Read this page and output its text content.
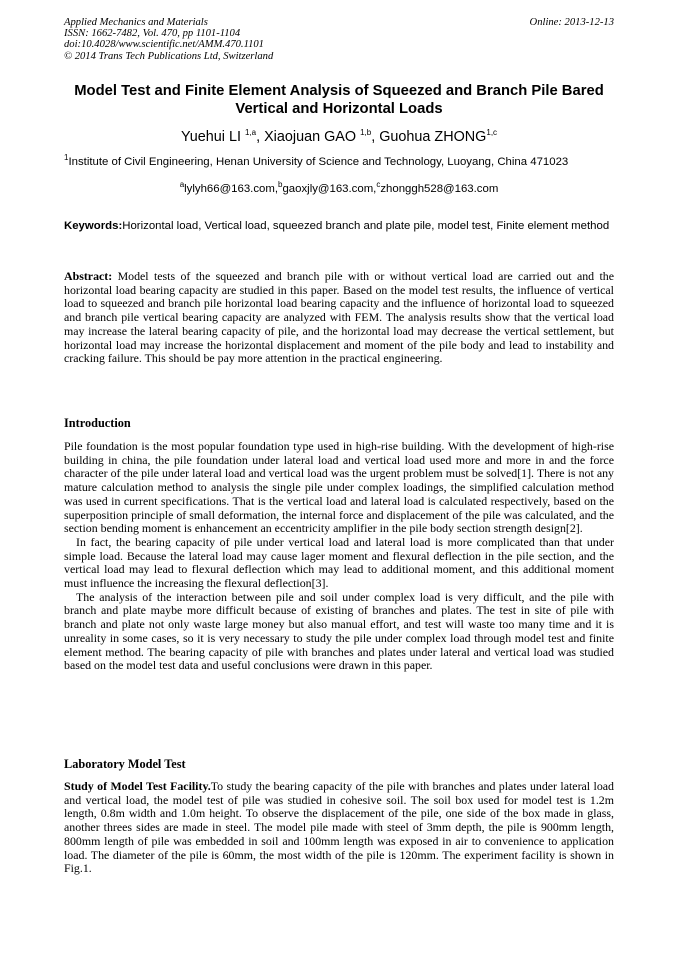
Applied Mechanics and Materials
ISSN: 1662-7482, Vol. 470, pp 1101-1104
doi:10.4028/www.scientific.net/AMM.470.1101
© 2014 Trans Tech Publications Ltd, Switzerland
Online: 2013-12-13
Model Test and Finite Element Analysis of Squeezed and Branch Pile Bared Vertical and Horizontal Loads
Yuehui LI $^{1,a}$, Xiaojuan GAO $^{1,b}$, Guohua ZHONG$^{1,c}$
$^1$Institute of Civil Engineering, Henan University of Science and Technology, Luoyang, China 471023
$^a$lylyh66@163.com,$^b$gaoxjly@163.com,$^c$zhonggh528@163.com
Keywords:Horizontal load, Vertical load, squeezed branch and plate pile, model test, Finite element method

Abstract: Model tests of the squeezed and branch pile with or without vertical load are carried out and the horizontal load bearing capacity are studied in this paper. Based on the model test results, the influence of vertical load to squeezed and branch pile horizontal load bearing capacity and the influence of horizontal load to squeezed and branch pile vertical bearing capacity are analyzed with FEM. The analysis results show that the vertical load may increase the lateral bearing capacity of pile, and the horizontal load may decrease the vertical settlement, but horizontal load may increase the horizontal displacement and moment of the pile body and lead to instability and cracking failure. This should be pay more attention in the practical engineering.

Introduction

Pile foundation is the most popular foundation type used in high-rise building. With the development of high-rise building in china, the pile foundation under lateral load and vertical load used more and more in and the force character of the pile under lateral load and vertical load was the urgent problem must be solved[1]. There is not any mature calculation method to analysis the single pile under complex loadings, the simplified calculation method was used in current specifications. That is the vertical load and lateral load is calculated respectively, based on the superposition principle of small deformation, the internal force and displacement of the pile was calculated, and the section bending moment is enhancement an eccentricity amplifier in the pile body section strength design[2].

In fact, the bearing capacity of pile under vertical load and lateral load is more complicated than that under simple load. Because the lateral load may cause lager moment and flexural deflection in the pile section, and the vertical load may lead to flexural deflection which may lead to additional moment, and this additional moment must influence the increasing the flexural deflection[3].

The analysis of the interaction between pile and soil under complex load is very difficult, and the pile with branch and plate maybe more difficult because of existing of branches and plates. The test in site of pile with branch and plate not only waste large money but also manual effort, and test will waste too many time and it is unreality in some cases, so it is very necessary to study the pile under complex load through model test and finite element method. The bearing capacity of pile with branches and plates under lateral and vertical load was studied based on the model test data and useful conclusions were drawn in this paper.

Laboratory Model Test

Study of Model Test Facility.To study the bearing capacity of the pile with branches and plates under lateral load and vertical load, the model test of pile was studied in cohesive soil. The soil box used for model test is 1.2m length, 0.8m width and 1.0m height. To observe the displacement of the pile, one side of the box made in glass, another threes sides are made in steel. The model pile made with steel of 3mm depth, the pile is 900mm length, 800mm length of pile was embedded in soil and 100mm length was exposed in air to convenience to application load. The diameter of the pile is 60mm, the most width of the pile is 120mm. The experiment facility is shown in Fig.1.
